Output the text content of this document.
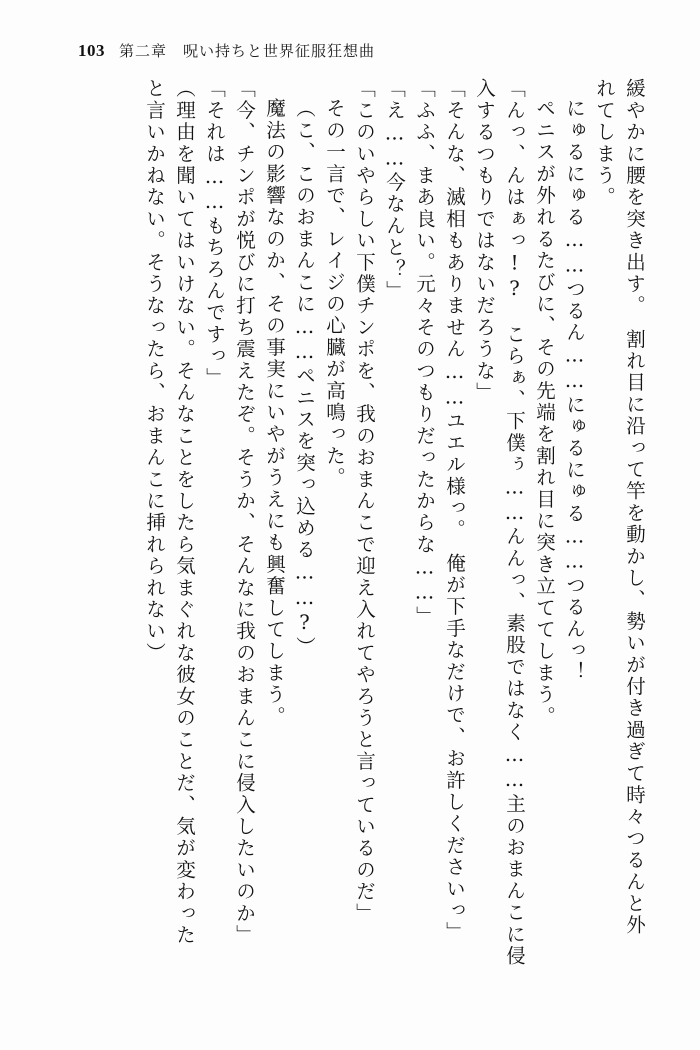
103 第二章　呪い持ちと世界征服狂想曲
緩やかに腰を突き出す。　割れ目に沿って竿を動かし、勢いが付き過ぎて時々つるんと外
れてしまう。
にゅるにゅる……つるん……にゅるにゅる……つるんっ！
ペニスが外れるたびに、その先端を割れ目に突き立ててしまう。
「んっ、んはぁっ!?　こらぁ、下僕ぅ……んんっ、素股ではなく……主のおまんこに侵
入するつもりではないだろうな」
「そんな、滅相もありません……ユエル様っ。　俺が下手なだけで、お許しくださいっ」
「ふふ、まあ良い。元々そのつもりだったからな……」
「え……今なんと？」
「このいやらしい下僕チンポを、我のおまんこで迎え入れてやろうと言っているのだ」
その一言で、レイジの心臓が高鳴った。
（こ、このおまんこに……ペニスを突っ込める……?）
魔法の影響なのか、その事実にいやがうえにも興奮してしまう。
「今、チンポが悦びに打ち震えたぞ。そうか、そんなに我のおまんこに侵入したいのか」
「それは……もちろんですっ」
（理由を聞いてはいけない。そんなことをしたら気まぐれな彼女のことだ、気が変わった
と言いかねない。そうなったら、おまんこに挿れられない）
